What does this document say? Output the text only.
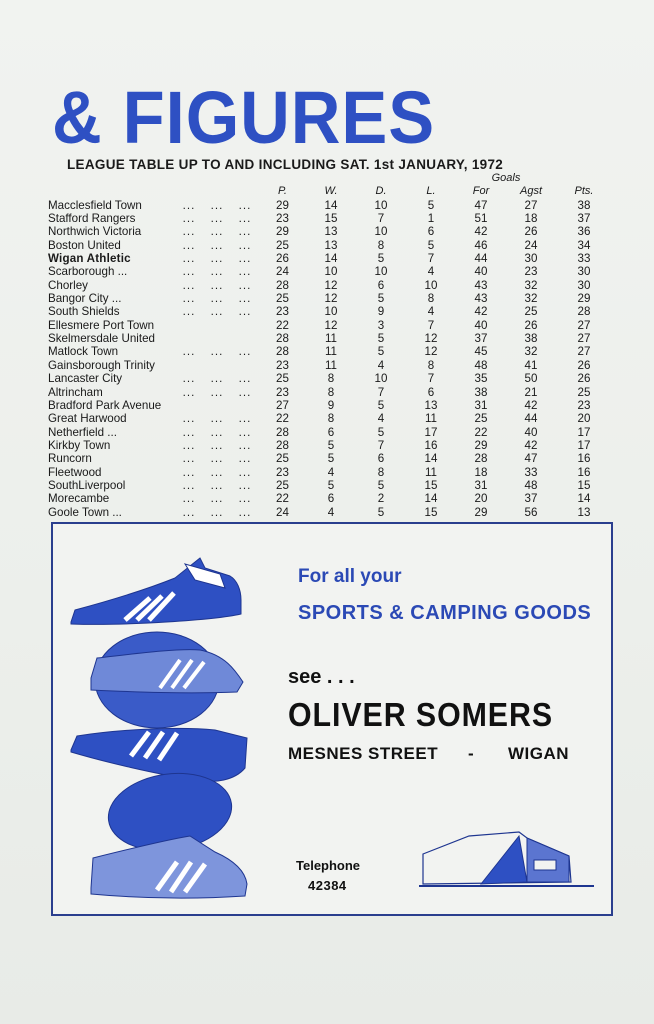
& FIGURES
LEAGUE TABLE UP TO AND INCLUDING SAT. 1st JANUARY, 1972
								Goals		
				P.	W.	D.	L.	For	Agst	Pts.
Macclesfield Town	...	...	...	29	14	10	5	47	27	38
Stafford Rangers	...	...	...	23	15	7	1	51	18	37
Northwich Victoria	...	...	...	29	13	10	6	42	26	36
Boston United	...	...	...	25	13	8	5	46	24	34
Wigan Athletic	...	...	...	26	14	5	7	44	30	33
Scarborough ...	...	...	...	24	10	10	4	40	23	30
Chorley	...	...	...	28	12	6	10	43	32	30
Bangor City ...	...	...	...	25	12	5	8	43	32	29
South Shields	...	...	...	23	10	9	4	42	25	28
Ellesmere Port Town				22	12	3	7	40	26	27
Skelmersdale United				28	11	5	12	37	38	27
Matlock Town	...	...	...	28	11	5	12	45	32	27
Gainsborough Trinity				23	11	4	8	48	41	26
Lancaster City	...	...	...	25	8	10	7	35	50	26
Altrincham	...	...	...	23	8	7	6	38	21	25
Bradford Park Avenue				27	9	5	13	31	42	23
Great Harwood	...	...	...	22	8	4	11	25	44	20
Netherfield ...	...	...	...	28	6	5	17	22	40	17
Kirkby Town	...	...	...	28	5	7	16	29	42	17
Runcorn	...	...	...	25	5	6	14	28	47	16
Fleetwood	...	...	...	23	4	8	11	18	33	16
SouthLiverpool	...	...	...	25	5	5	15	31	48	15
Morecambe	...	...	...	22	6	2	14	20	37	14
Goole Town ...	...	...	...	24	4	5	15	29	56	13
For all your
SPORTS & CAMPING GOODS
see . . .
OLIVER SOMERS
MESNES STREET - WIGAN
Telephone
42384
